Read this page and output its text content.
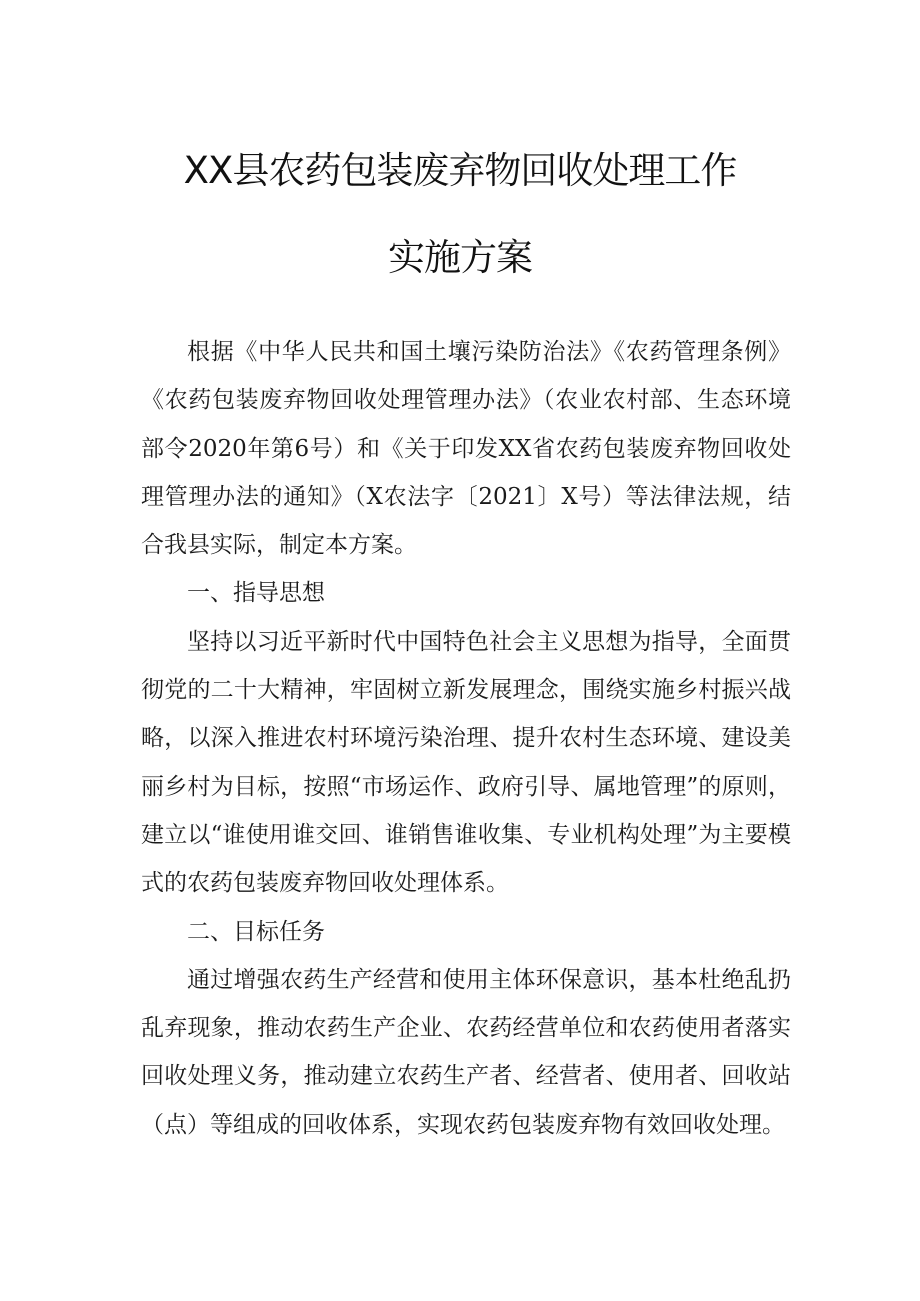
XX县农药包装废弃物回收处理工作
实施方案

根据《中华人民共和国土壤污染防治法》《农药管理条例》《农药包装废弃物回收处理管理办法》（农业农村部、生态环境部令2020年第6号）和《关于印发XX省农药包装废弃物回收处理管理办法的通知》（X农法字〔2021〕X号）等法律法规，结合我县实际，制定本方案。

一、指导思想

坚持以习近平新时代中国特色社会主义思想为指导，全面贯彻党的二十大精神，牢固树立新发展理念，围绕实施乡村振兴战略，以深入推进农村环境污染治理、提升农村生态环境、建设美丽乡村为目标，按照“市场运作、政府引导、属地管理”的原则，建立以“谁使用谁交回、谁销售谁收集、专业机构处理”为主要模式的农药包装废弃物回收处理体系。

二、目标任务

通过增强农药生产经营和使用主体环保意识，基本杜绝乱扔乱弃现象，推动农药生产企业、农药经营单位和农药使用者落实回收处理义务，推动建立农药生产者、经营者、使用者、回收站（点）等组成的回收体系，实现农药包装废弃物有效回收处理。
